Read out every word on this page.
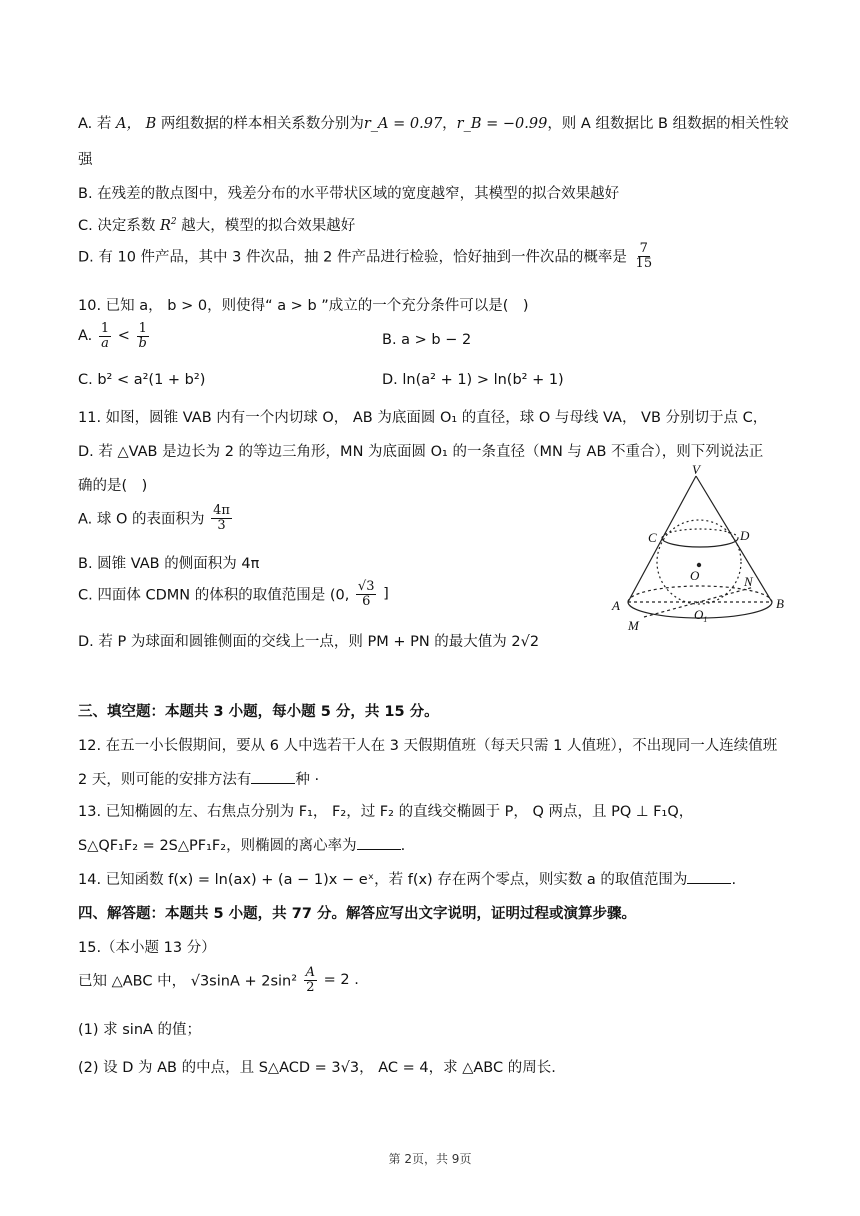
A. 若 A， B 两组数据的样本相关系数分别为r_A = 0.97，r_B = −0.99，则 A 组数据比 B 组数据的相关性较
强
B. 在残差的散点图中，残差分布的水平带状区域的宽度越窄，其模型的拟合效果越好
C. 决定系数 $R^2$ 越大，模型的拟合效果越好
D. 有 10 件产品，其中 3 件次品，抽 2 件产品进行检验，恰好抽到一件次品的概率是 $\frac{7}{15}$
10. 已知 a， b > 0，则使得“ a > b ”成立的一个充分条件可以是(　)
A. $\frac{1}{a} < \frac{1}{b}$	B. a > b − 2
C. b² < a²(1 + b²)	D. ln(a² + 1) > ln(b² + 1)
11. 如图，圆锥 VAB 内有一个内切球 O， AB 为底面圆 O₁ 的直径，球 O 与母线 VA， VB 分别切于点 C，
D. 若 △VAB 是边长为 2 的等边三角形，MN 为底面圆 O₁ 的一条直径（MN 与 AB 不重合），则下列说法正
确的是(　)
A. 球 O 的表面积为 $\frac{4\pi}{3}$
B. 圆锥 VAB 的侧面积为 4π
C. 四面体 CDMN 的体积的取值范围是 (0, $\frac{√3}{6}$ ]
D. 若 P 为球面和圆锥侧面的交线上一点，则 PM + PN 的最大值为 2√2
V
C	D
O	N
A	B
$O_1$
M
三、填空题：本题共 3 小题，每小题 5 分，共 15 分。
12. 在五一小长假期间，要从 6 人中选若干人在 3 天假期值班（每天只需 1 人值班），不出现同一人连续值班
2 天，则可能的安排方法有	种 ·
13. 已知椭圆的左、右焦点分别为 F₁， F₂，过 F₂ 的直线交椭圆于 P， Q 两点，且 PQ ⊥ F₁Q，
S△QF₁F₂ = 2S△PF₁F₂，则椭圆的离心率为	.
14. 已知函数 f(x) = ln(ax) + (a − 1)x − eˣ，若 f(x) 存在两个零点，则实数 a 的取值范围为	.
四、解答题：本题共 5 小题，共 77 分。解答应写出文字说明，证明过程或演算步骤。
15.（本小题 13 分）
已知 △ABC 中， $√3\sin A + 2\sin^2 \frac{A}{2} = 2$ .
(1) 求 sinA 的值；
(2) 设 D 为 AB 的中点，且 S△ACD = 3√3， AC = 4，求 △ABC 的周长.
第 2页，共 9页
